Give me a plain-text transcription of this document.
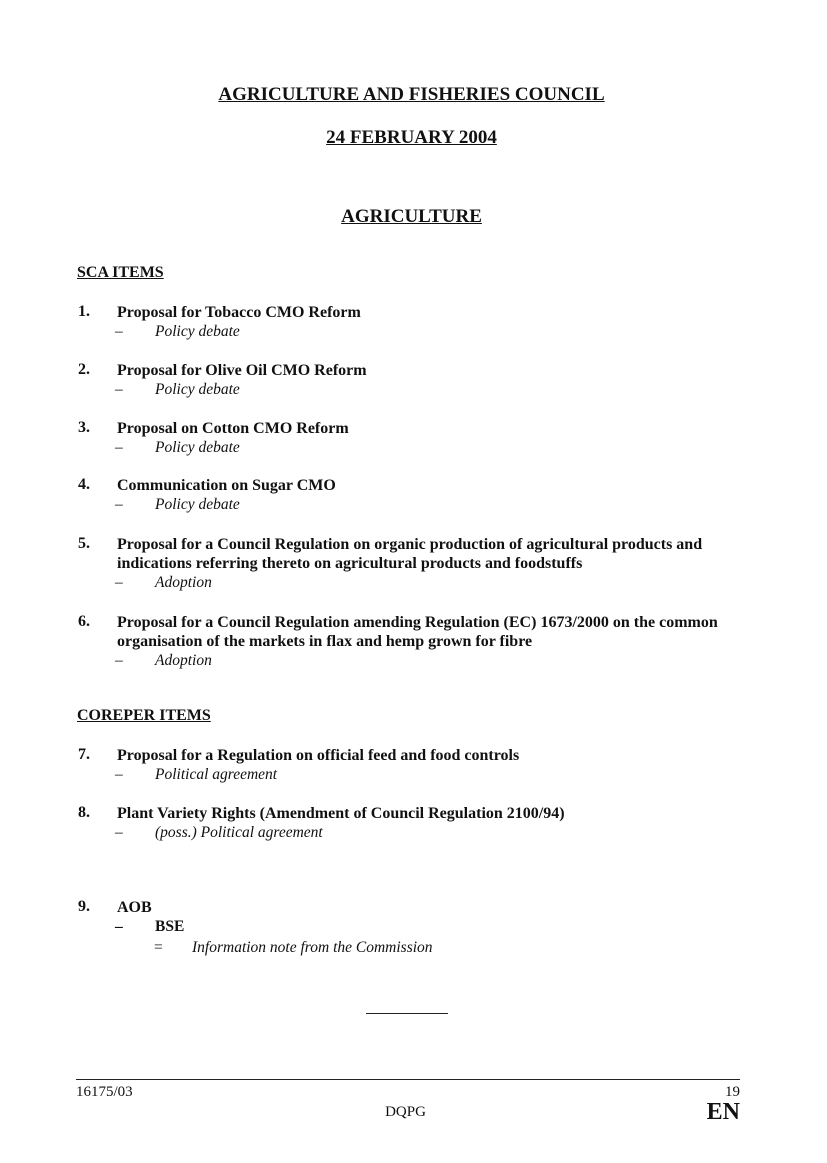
AGRICULTURE AND FISHERIES COUNCIL
24 FEBRUARY 2004
AGRICULTURE
SCA ITEMS
1.	Proposal for Tobacco CMO Reform
– Policy debate
2.	Proposal for Olive Oil CMO Reform
– Policy debate
3.	Proposal on Cotton CMO Reform
– Policy debate
4.	Communication on Sugar CMO
– Policy debate
5.	Proposal for a Council Regulation on organic production of agricultural products and indications referring thereto on agricultural products and foodstuffs
– Adoption
6.	Proposal for a Council Regulation amending Regulation (EC) 1673/2000 on the common organisation of the markets in flax and hemp grown for fibre
– Adoption
COREPER ITEMS
7.	Proposal for a Regulation on official feed and food controls
– Political agreement
8.	Plant Variety Rights (Amendment of Council Regulation 2100/94)
– (poss.) Political agreement
9.	AOB
– BSE
= Information note from the Commission
16175/03	19
DQPG	EN
